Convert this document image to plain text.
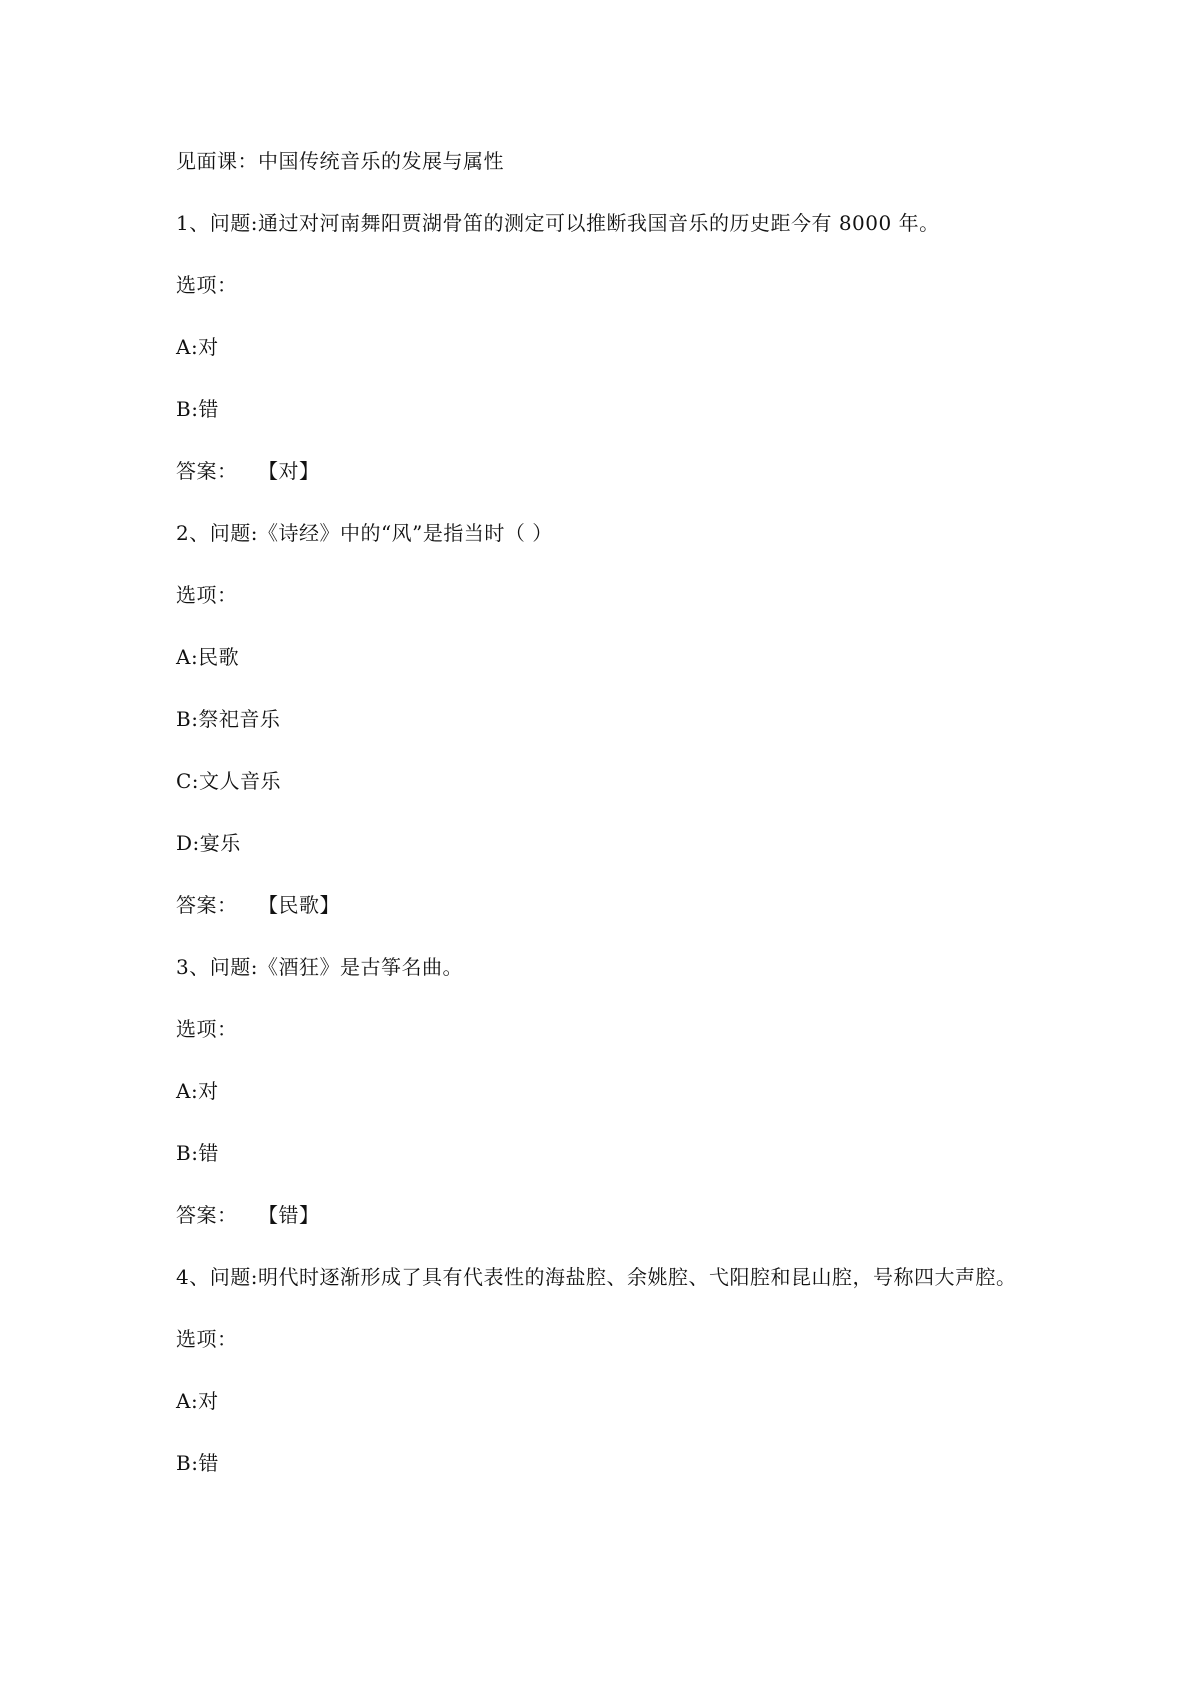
见面课：中国传统音乐的发展与属性
1、问题:通过对河南舞阳贾湖骨笛的测定可以推断我国音乐的历史距今有 8000 年。
选项：
A:对
B:错
答案： 【对】
2、问题:《诗经》中的“风”是指当时（ ）
选项：
A:民歌
B:祭祀音乐
C:文人音乐
D:宴乐
答案： 【民歌】
3、问题:《酒狂》是古筝名曲。
选项：
A:对
B:错
答案： 【错】
4、问题:明代时逐渐形成了具有代表性的海盐腔、余姚腔、弋阳腔和昆山腔，号称四大声腔。
选项：
A:对
B:错
